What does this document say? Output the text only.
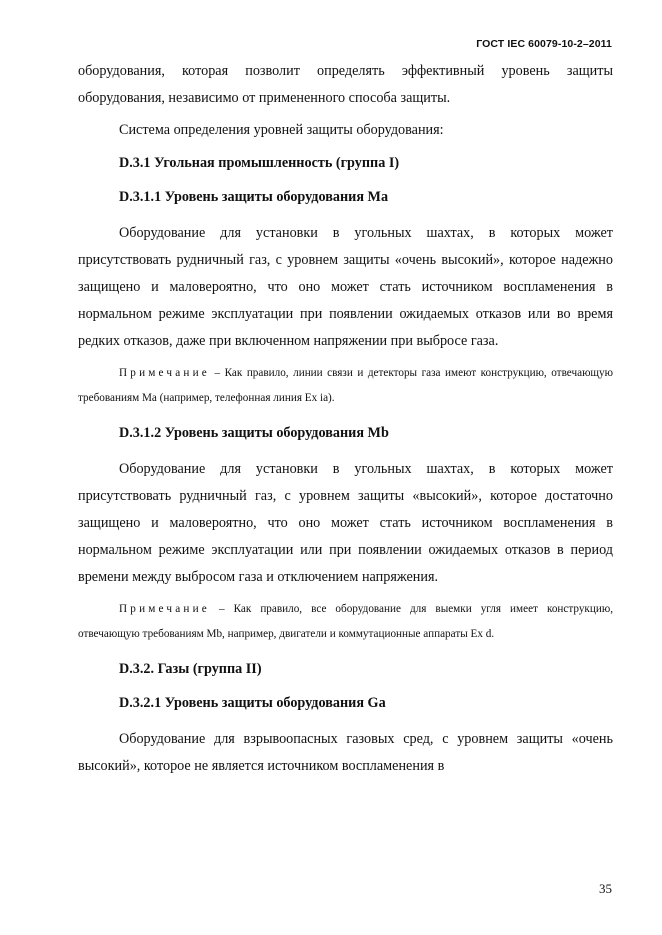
ГОСТ IEC 60079-10-2–2011

оборудования, которая позволит определять эффективный уровень защиты оборудования, независимо от примененного способа защиты.

Система определения уровней защиты оборудования:

D.3.1 Угольная промышленность (группа I)

D.3.1.1 Уровень защиты оборудования Ma

Оборудование для установки в угольных шахтах, в которых может присутствовать рудничный газ, с уровнем защиты «очень высокий», которое надежно защищено и маловероятно, что оно может стать источником воспламенения в нормальном режиме эксплуатации при появлении ожидаемых отказов или во время редких отказов, даже при включенном напряжении при выбросе газа.

Примечание – Как правило, линии связи и детекторы газа имеют конструкцию, отвечающую требованиям Ma (например, телефонная линия Ex ia).

D.3.1.2 Уровень защиты оборудования Mb

Оборудование для установки в угольных шахтах, в которых может присутствовать рудничный газ, с уровнем защиты «высокий», которое достаточно защищено и маловероятно, что оно может стать источником воспламенения в нормальном режиме эксплуатации или при появлении ожидаемых отказов в период времени между выбросом газа и отключением напряжения.

Примечание – Как правило, все оборудование для выемки угля имеет конструкцию, отвечающую требованиям Mb, например, двигатели и коммутационные аппараты Ex d.

D.3.2. Газы (группа II)

D.3.2.1 Уровень защиты оборудования Ga

Оборудование для взрывоопасных газовых сред, с уровнем защиты «очень высокий», которое не является источником воспламенения в

35
